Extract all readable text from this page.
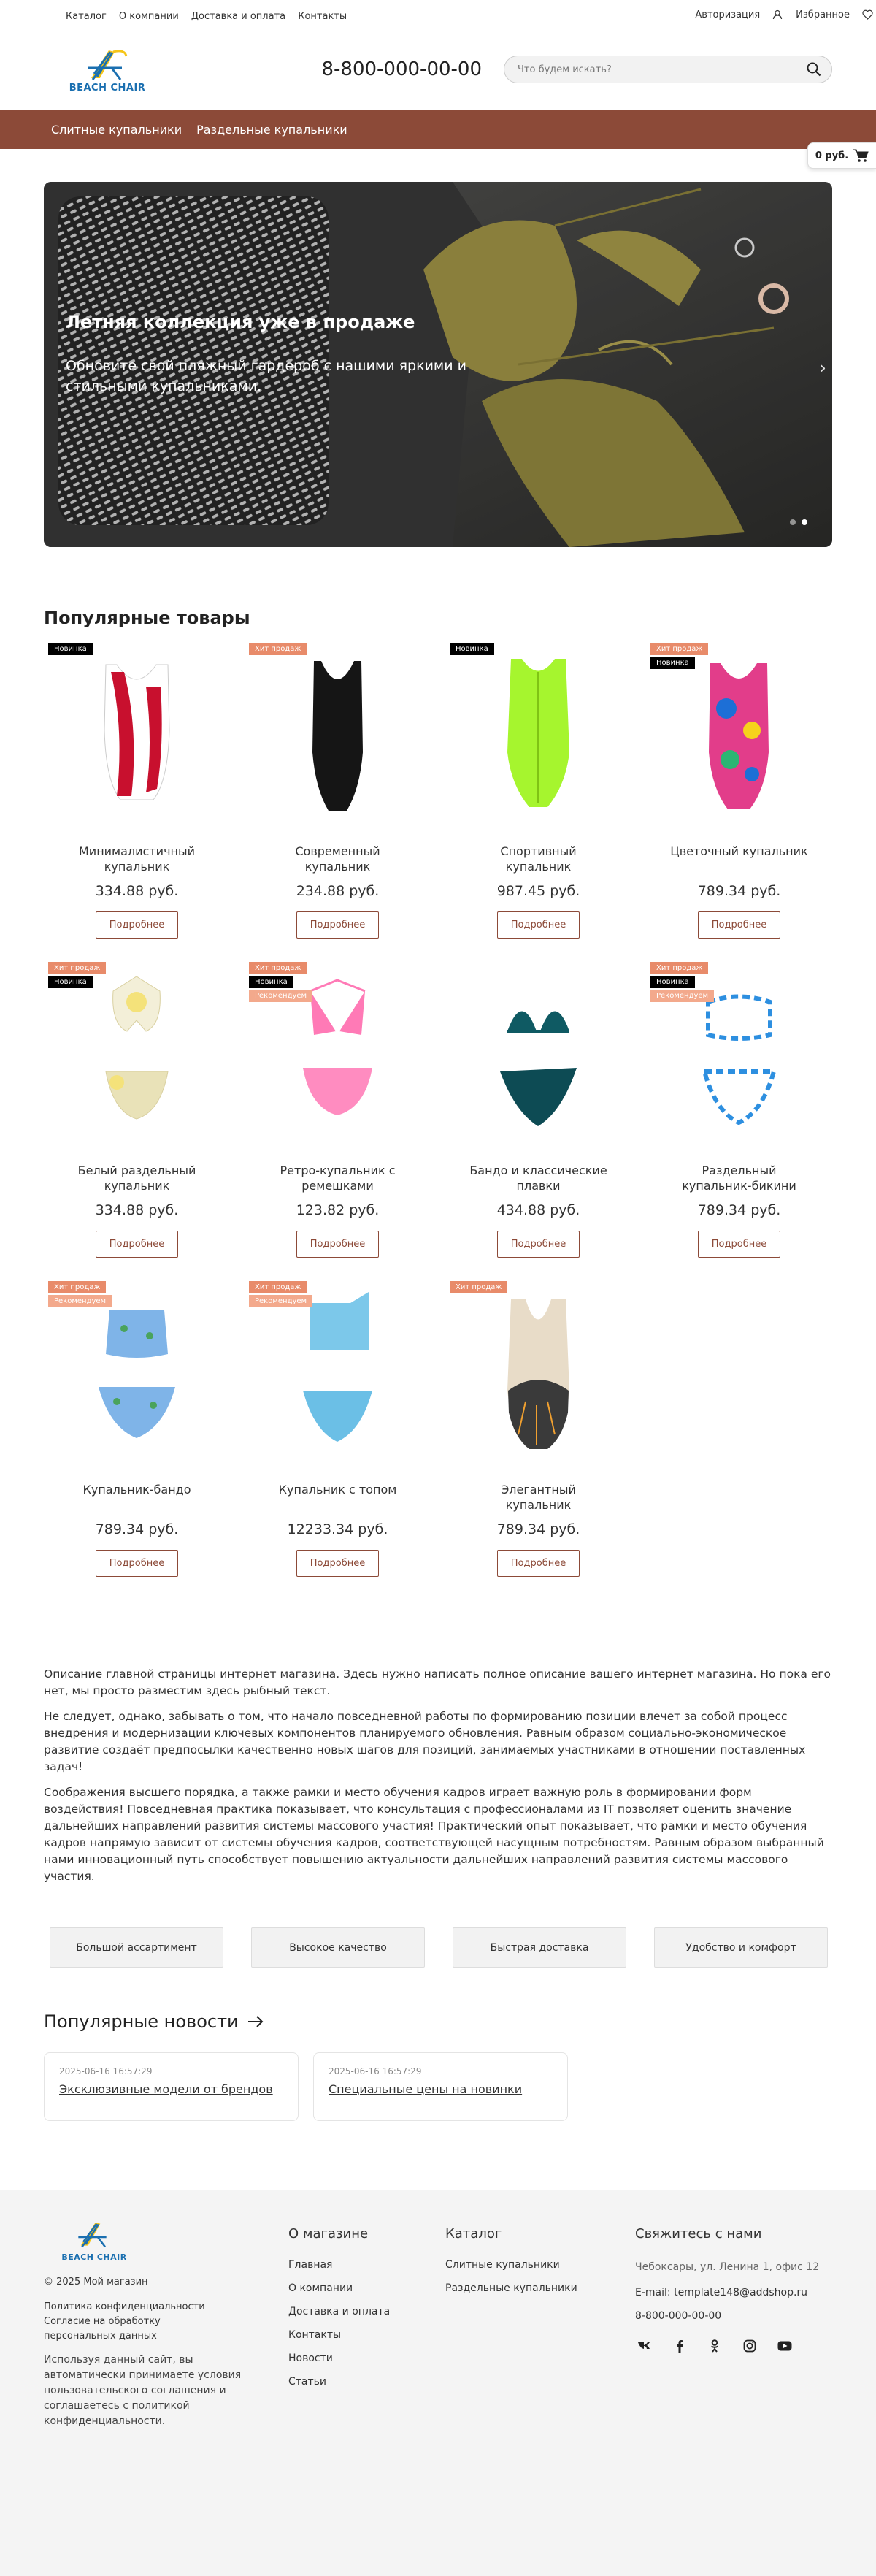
Каталог О компании Доставка и оплата Контакты	Авторизация	Избранное
BEACH CHAIR
8-800-000-00-00
Что будем искать?
Слитные купальники Раздельные купальники
0 руб.
Летняя коллекция уже в продаже
Обновите свой пляжный гардероб с нашими яркими и стильными купальниками.
›
Популярные товары
Новинка
Минималистичный купальник
334.88 руб.
Подробнее
Хит продаж
Современный купальник
234.88 руб.
Подробнее
Новинка
Спортивный купальник
987.45 руб.
Подробнее
Хит продаж
Новинка
Цветочный купальник
789.34 руб.
Подробнее
Хит продаж
Новинка
Белый раздельный купальник
334.88 руб.
Подробнее
Хит продаж
Новинка
Рекомендуем
Ретро-купальник с ремешками
123.82 руб.
Подробнее
Бандо и классические плавки
434.88 руб.
Подробнее
Хит продаж
Новинка
Рекомендуем
Раздельный купальник-бикини
789.34 руб.
Подробнее
Хит продаж
Рекомендуем
Купальник-бандо
789.34 руб.
Подробнее
Хит продаж
Рекомендуем
Купальник с топом
12233.34 руб.
Подробнее
Хит продаж
Элегантный купальник
789.34 руб.
Подробнее

Описание главной страницы интернет магазина. Здесь нужно написать полное описание вашего интернет магазина. Но пока его нет, мы просто разместим здесь рыбный текст.

Не следует, однако, забывать о том, что начало повседневной работы по формированию позиции влечет за собой процесс внедрения и модернизации ключевых компонентов планируемого обновления. Равным образом социально-экономическое развитие создаёт предпосылки качественно новых шагов для позиций, занимаемых участниками в отношении поставленных задач!

Соображения высшего порядка, а также рамки и место обучения кадров играет важную роль в формировании форм воздействия! Повседневная практика показывает, что консультация с профессионалами из IT позволяет оценить значение дальнейших направлений развития системы массового участия! Практический опыт показывает, что рамки и место обучения кадров напрямую зависит от системы обучения кадров, соответствующей насущным потребностям. Равным образом выбранный нами инновационный путь способствует повышению актуальности дальнейших направлений развития системы массового участия.

Большой ассартимент	Высокое качество	Быстрая доставка	Удобство и комфорт
Популярные новости
2025-06-16 16:57:29
Эксклюзивные модели от брендов
2025-06-16 16:57:29
Специальные цены на новинки
BEACH CHAIR
© 2025 Мой магазин
Политика конфиденциальности
Согласие на обработку персональных данных
Используя данный сайт, вы автоматически принимаете условия пользовательского соглашения и соглашаетесь с политикой конфиденциальности.
О магазине
Главная
О компании
Доставка и оплата
Контакты
Новости
Статьи
Каталог
Слитные купальники
Раздельные купальники
Свяжитесь с нами
Чебоксары, ул. Ленина 1, офис 12
E-mail: template148@addshop.ru
8-800-000-00-00
